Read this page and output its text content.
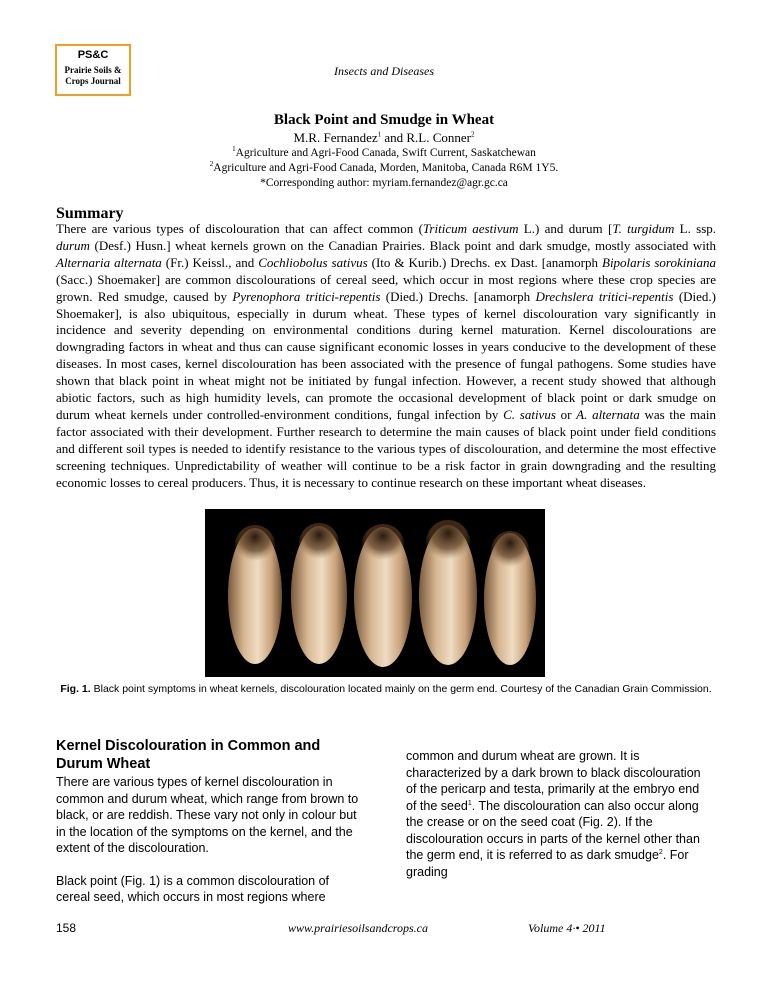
PS&C
Prairie Soils &
Crops Journal
Insects and Diseases
Black Point and Smudge in Wheat
M.R. Fernandez$^1$ and R.L. Conner$^2$
$^1$Agriculture and Agri-Food Canada, Swift Current, Saskatchewan
$^2$Agriculture and Agri-Food Canada, Morden, Manitoba, Canada R6M 1Y5.
*Corresponding author: myriam.fernandez@agr.gc.ca
Summary

There are various types of discolouration that can affect common (Triticum aestivum L.) and durum [T. turgidum L. ssp. durum (Desf.) Husn.] wheat kernels grown on the Canadian Prairies. Black point and dark smudge, mostly associated with Alternaria alternata (Fr.) Keissl., and Cochliobolus sativus (Ito & Kurib.) Drechs. ex Dast. [anamorph Bipolaris sorokiniana (Sacc.) Shoemaker] are common discolourations of cereal seed, which occur in most regions where these crop species are grown. Red smudge, caused by Pyrenophora tritici-repentis (Died.) Drechs. [anamorph Drechslera tritici-repentis (Died.) Shoemaker], is also ubiquitous, especially in durum wheat. These types of kernel discolouration vary significantly in incidence and severity depending on environmental conditions during kernel maturation. Kernel discolourations are downgrading factors in wheat and thus can cause significant economic losses in years conducive to the development of these diseases. In most cases, kernel discolouration has been associated with the presence of fungal pathogens. Some studies have shown that black point in wheat might not be initiated by fungal infection. However, a recent study showed that although abiotic factors, such as high humidity levels, can promote the occasional development of black point or dark smudge on durum wheat kernels under controlled-environment conditions, fungal infection by C. sativus or A. alternata was the main factor associated with their development. Further research to determine the main causes of black point under field conditions and different soil types is needed to identify resistance to the various types of discolouration, and determine the most effective screening techniques. Unpredictability of weather will continue to be a risk factor in grain downgrading and the resulting economic losses to cereal producers. Thus, it is necessary to continue research on these important wheat diseases.

Fig. 1. Black point symptoms in wheat kernels, discolouration located mainly on the germ end. Courtesy of the Canadian Grain Commission.
Kernel Discolouration in Common and Durum Wheat

There are various types of kernel discolouration in common and durum wheat, which range from brown to black, or are reddish. These vary not only in colour but in the location of the symptoms on the kernel, and the extent of the discolouration.

Black point (Fig. 1) is a common discolouration of cereal seed, which occurs in most regions where

common and durum wheat are grown. It is characterized by a dark brown to black discolouration of the pericarp and testa, primarily at the embryo end of the seed$^1$. The discolouration can also occur along the crease or on the seed coat (Fig. 2). If the discolouration occurs in parts of the kernel other than the germ end, it is referred to as dark smudge$^2$. For grading
158	www.prairiesoilsandcrops.ca	Volume 4·• 2011
